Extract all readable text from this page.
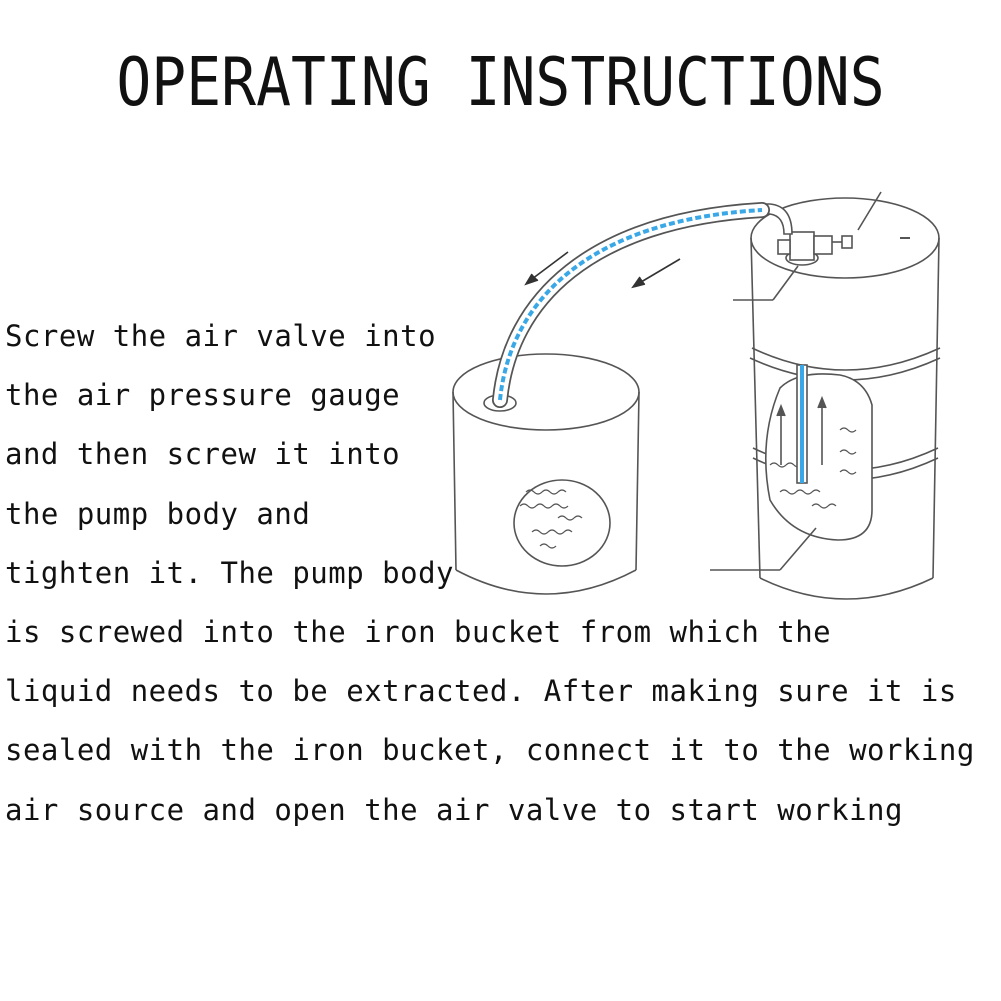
OPERATING INSTRUCTIONS
Screw the air valve into
the air pressure gauge
and then screw it into
the pump body and
tighten it. The pump body
is screwed into the iron bucket from which the
liquid needs to be extracted. After making sure it is
sealed with the iron bucket, connect it to the working
air source and open the air valve to start working
